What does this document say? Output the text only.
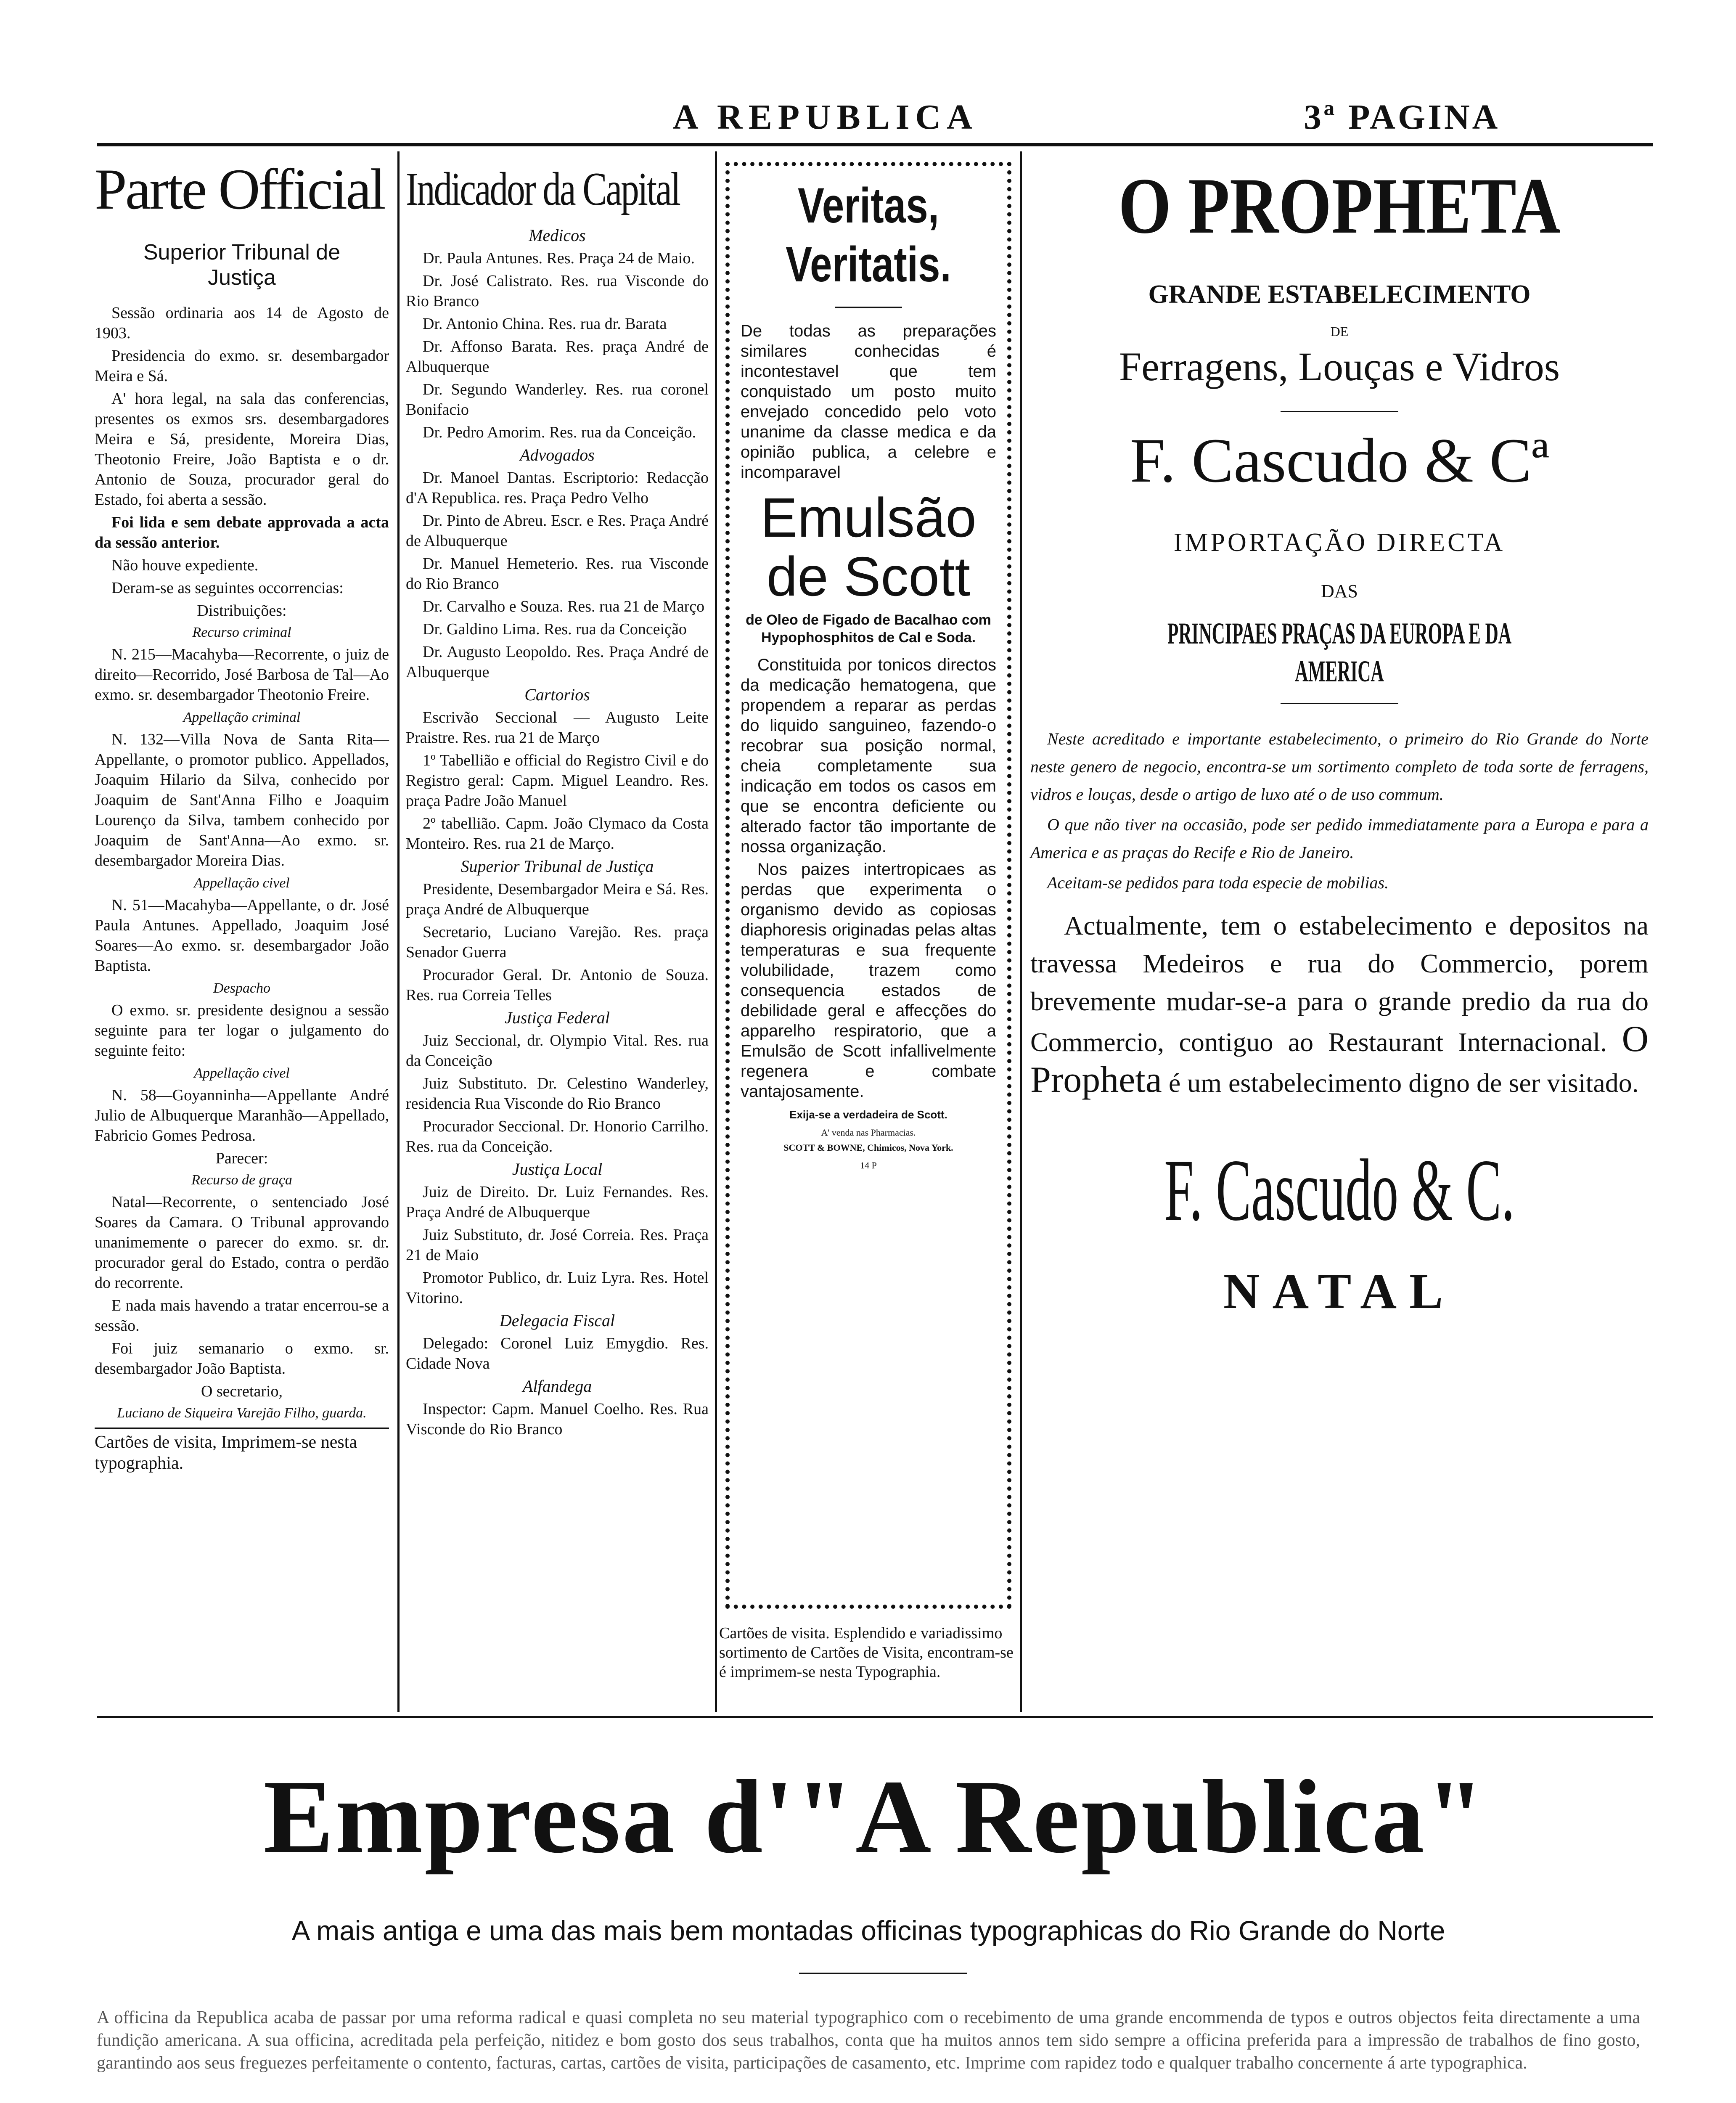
A REPUBLICA	3ª PAGINA
Parte Official
Superior Tribunal de Justiça

Sessão ordinaria aos 14 de Agosto de 1903.

Presidencia do exmo. sr. desembargador Meira e Sá.

A' hora legal, na sala das conferencias, presentes os exmos srs. desembargadores Meira e Sá, presidente, Moreira Dias, Theotonio Freire, João Baptista e o dr. Antonio de Souza, procurador geral do Estado, foi aberta a sessão.

Foi lida e sem debate approvada a acta da sessão anterior.

Não houve expediente.

Deram-se as seguintes occorrencias:

Distribuições:
Recurso criminal

N. 215—Macahyba—Recorrente, o juiz de direito—Recorrido, José Barbosa de Tal—Ao exmo. sr. desembargador Theotonio Freire.

Appellação criminal

N. 132—Villa Nova de Santa Rita—Appellante, o promotor publico. Appellados, Joaquim Hilario da Silva, conhecido por Joaquim de Sant'Anna Filho e Joaquim Lourenço da Silva, tambem conhecido por Joaquim de Sant'Anna—Ao exmo. sr. desembargador Moreira Dias.

Appellação civel

N. 51—Macahyba—Appellante, o dr. José Paula Antunes. Appellado, Joaquim José Soares—Ao exmo. sr. desembargador João Baptista.

Despacho

O exmo. sr. presidente designou a sessão seguinte para ter logar o julgamento do seguinte feito:

Appellação civel

N. 58—Goyanninha—Appellante André Julio de Albuquerque Maranhão—Appellado, Fabricio Gomes Pedrosa.

Parecer:
Recurso de graça

Natal—Recorrente, o sentenciado José Soares da Camara. O Tribunal approvando unanimemente o parecer do exmo. sr. dr. procurador geral do Estado, contra o perdão do recorrente.

E nada mais havendo a tratar encerrou-se a sessão.

Foi juiz semanario o exmo. sr. desembargador João Baptista.

O secretario,
Luciano de Siqueira Varejão Filho, guarda.
Cartões de visita, Imprimem-se nesta typographia.
Indicador da Capital
Medicos

Dr. Paula Antunes. Res. Praça 24 de Maio.

Dr. José Calistrato. Res. rua Visconde do Rio Branco

Dr. Antonio China. Res. rua dr. Barata

Dr. Affonso Barata. Res. praça André de Albuquerque

Dr. Segundo Wanderley. Res. rua coronel Bonifacio

Dr. Pedro Amorim. Res. rua da Conceição.

Advogados

Dr. Manoel Dantas. Escriptorio: Redacção d'A Republica. res. Praça Pedro Velho

Dr. Pinto de Abreu. Escr. e Res. Praça André de Albuquerque

Dr. Manuel Hemeterio. Res. rua Visconde do Rio Branco

Dr. Carvalho e Souza. Res. rua 21 de Março

Dr. Galdino Lima. Res. rua da Conceição

Dr. Augusto Leopoldo. Res. Praça André de Albuquerque

Cartorios

Escrivão Seccional — Augusto Leite Praistre. Res. rua 21 de Março

1º Tabellião e official do Registro Civil e do Registro geral: Capm. Miguel Leandro. Res. praça Padre João Manuel

2º tabellião. Capm. João Clymaco da Costa Monteiro. Res. rua 21 de Março.

Superior Tribunal de Justiça

Presidente, Desembargador Meira e Sá. Res. praça André de Albuquerque

Secretario, Luciano Varejão. Res. praça Senador Guerra

Procurador Geral. Dr. Antonio de Souza. Res. rua Correia Telles

Justiça Federal

Juiz Seccional, dr. Olympio Vital. Res. rua da Conceição

Juiz Substituto. Dr. Celestino Wanderley, residencia Rua Visconde do Rio Branco

Procurador Seccional. Dr. Honorio Carrilho. Res. rua da Conceição.

Justiça Local

Juiz de Direito. Dr. Luiz Fernandes. Res. Praça André de Albuquerque

Juiz Substituto, dr. José Correia. Res. Praça 21 de Maio

Promotor Publico, dr. Luiz Lyra. Res. Hotel Vitorino.

Delegacia Fiscal

Delegado: Coronel Luiz Emygdio. Res. Cidade Nova

Alfandega

Inspector: Capm. Manuel Coelho. Res. Rua Visconde do Rio Branco

Veritas,
Veritatis.
De todas as preparações similares conhecidas é incontestavel que tem conquistado um posto muito envejado concedido pelo voto unanime da classe medica e da opinião publica, a celebre e incomparavel
Emulsão
de Scott
de Oleo de Figado de Bacalhao com Hypophosphitos de Cal e Soda.

Constituida por tonicos directos da medicação hematogena, que propendem a reparar as perdas do liquido sanguineo, fazendo-o recobrar sua posição normal, cheia completamente sua indicação em todos os casos em que se encontra deficiente ou alterado factor tão importante de nossa organização.

Nos paizes intertropicaes as perdas que experimenta o organismo devido as copiosas diaphoresis originadas pelas altas temperaturas e sua frequente volubilidade, trazem como consequencia estados de debilidade geral e affecções do apparelho respiratorio, que a Emulsão de Scott infallivelmente regenera e combate vantajosamente.

Exija-se a verdadeira de Scott.
A' venda nas Pharmacias.
SCOTT & BOWNE, Chimicos, Nova York.
14 P
Cartões de visita. Esplendido e variadissimo sortimento de Cartões de Visita, encontram-se é imprimem-se nesta Typographia.
O PROPHETA
GRANDE ESTABELECIMENTO
DE
Ferragens, Louças e Vidros
F. Cascudo & Cª
IMPORTAÇÃO DIRECTA
DAS
PRINCIPAES PRAÇAS DA EUROPA E DA AMERICA

Neste acreditado e importante estabelecimento, o primeiro do Rio Grande do Norte neste genero de negocio, encontra-se um sortimento completo de toda sorte de ferragens, vidros e louças, desde o artigo de luxo até o de uso commum.

O que não tiver na occasião, pode ser pedido immediatamente para a Europa e para a America e as praças do Recife e Rio de Janeiro.

Aceitam-se pedidos para toda especie de mobilias.

Actualmente, tem o estabelecimento e depositos na travessa Medeiros e rua do Commercio, porem brevemente mudar-se-a para o grande predio da rua do Commercio, contiguo ao Restaurant Internacional. O Propheta é um estabelecimento digno de ser visitado.
F. Cascudo & C.
NATAL
Empresa d'"A Republica"
A mais antiga e uma das mais bem montadas officinas typographicas do Rio Grande do Norte
A officina da Republica acaba de passar por uma reforma radical e quasi completa no seu material typographico com o recebimento de uma grande encommenda de typos e outros objectos feita directamente a uma fundição americana. A sua officina, acreditada pela perfeição, nitidez e bom gosto dos seus trabalhos, conta que ha muitos annos tem sido sempre a officina preferida para a impressão de trabalhos de fino gosto, garantindo aos seus freguezes perfeitamente o contento, facturas, cartas, cartões de visita, participações de casamento, etc. Imprime com rapidez todo e qualquer trabalho concernente á arte typographica.
